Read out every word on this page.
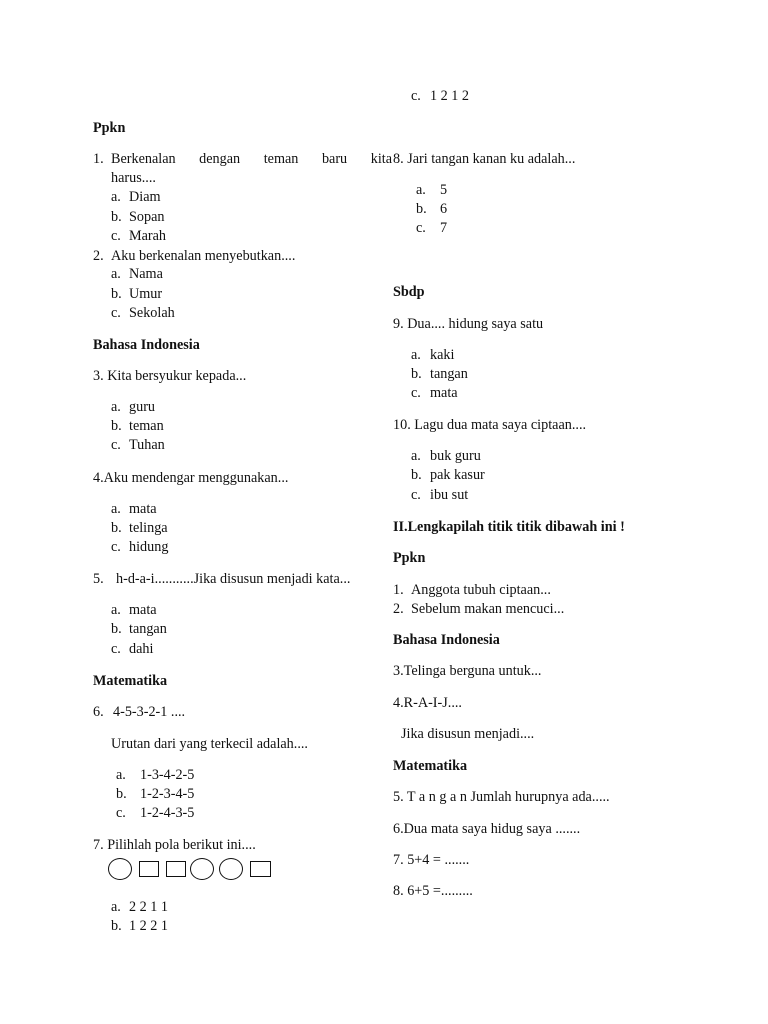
Ppkn
1. Berkenalan dengan teman baru kita
harus....
a. Diam
b. Sopan
c. Marah
2. Aku berkenalan menyebutkan....
a. Nama
b. Umur
c. Sekolah
Bahasa Indonesia
3. Kita bersyukur kepada...
a. guru
b. teman
c. Tuhan
4.Aku mendengar menggunakan...
a. mata
b. telinga
c. hidung
5. h-d-a-i...........Jika disusun menjadi kata...
a. mata
b. tangan
c. dahi
Matematika
6. 4-5-3-2-1 ....
Urutan dari yang terkecil adalah....
a. 1-3-4-2-5
b. 1-2-3-4-5
c. 1-2-4-3-5
7. Pilihlah pola berikut ini....
a. 2 2 1 1
b. 1 2 2 1
c. 1 2 1 2
8. Jari tangan kanan ku adalah...
a. 5
b. 6
c. 7
Sbdp
9. Dua.... hidung saya satu
a. kaki
b. tangan
c. mata
10. Lagu dua mata saya ciptaan....
a. buk guru
b. pak kasur
c. ibu sut
II.Lengkapilah titik titik dibawah ini !
Ppkn
1. Anggota tubuh ciptaan...
2. Sebelum makan mencuci...
Bahasa Indonesia
3.Telinga berguna untuk...
4.R-A-I-J....
Jika disusun menjadi....
Matematika
5. T a n g a n Jumlah hurupnya ada.....
6.Dua mata saya hidug saya .......
7. 5+4 = .......
8. 6+5 =.........
